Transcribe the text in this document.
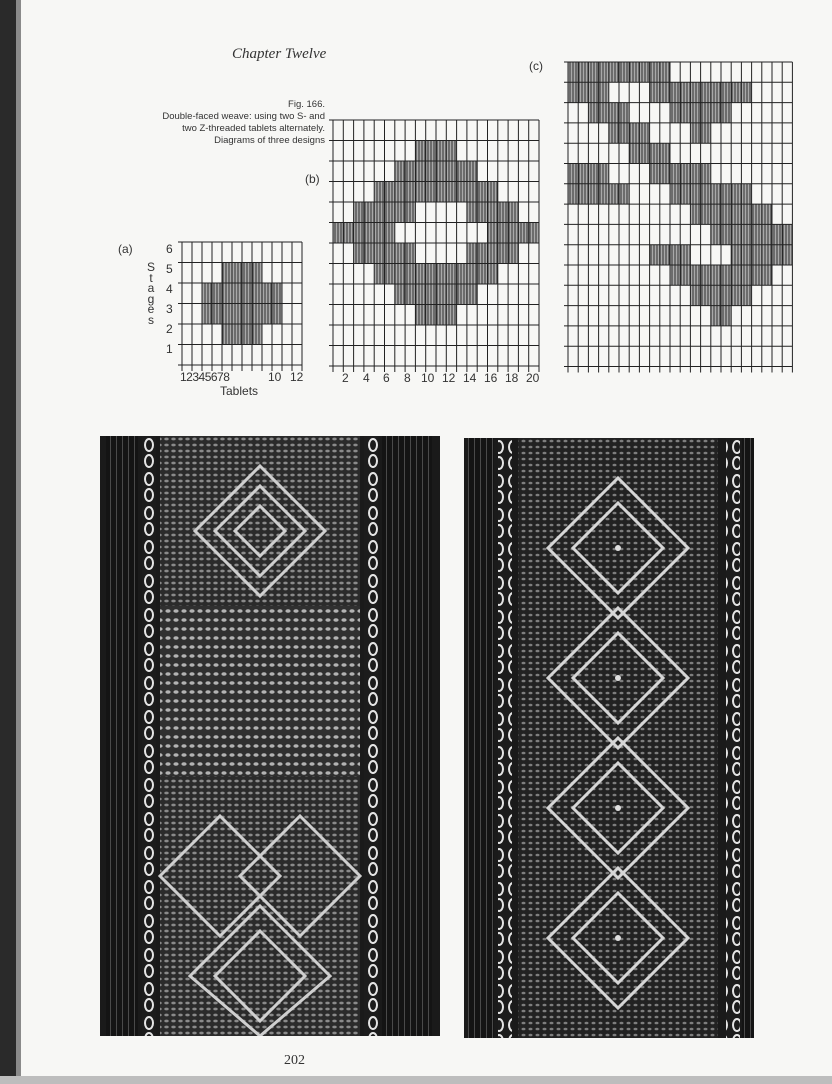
Chapter Twelve
Fig. 166.
Double-faced weave: using two S- and
two Z-threaded tablets alternately.
Diagrams of three designs
(a)
S
t
a
g
e
s
1
2
3
4
5
6
12345678	10 12
Tablets
(b)
2 4 6 8 10 12 14 16 18 20
(c)
202
